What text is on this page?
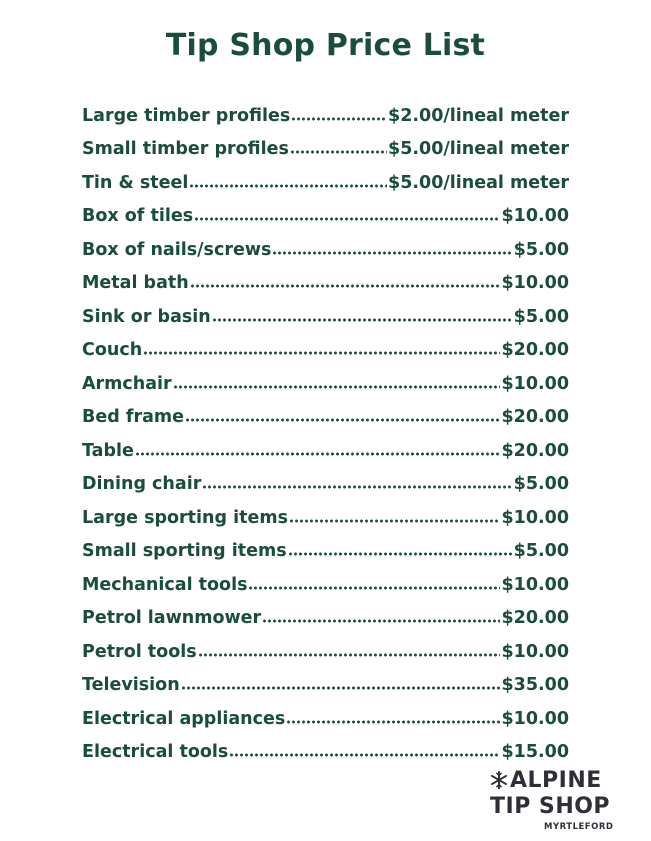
Tip Shop Price List
Large timber profiles	$2.00/lineal meter
Small timber profiles	$5.00/lineal meter
Tin & steel	$5.00/lineal meter
Box of tiles	$10.00
Box of nails/screws	$5.00
Metal bath	$10.00
Sink or basin	$5.00
Couch	$20.00
Armchair	$10.00
Bed frame	$20.00
Table	$20.00
Dining chair	$5.00
Large sporting items	$10.00
Small sporting items	$5.00
Mechanical tools	$10.00
Petrol lawnmower	$20.00
Petrol tools	$10.00
Television	$35.00
Electrical appliances	$10.00
Electrical tools	$15.00
ALPINE
TIP SHOP
MYRTLEFORD
